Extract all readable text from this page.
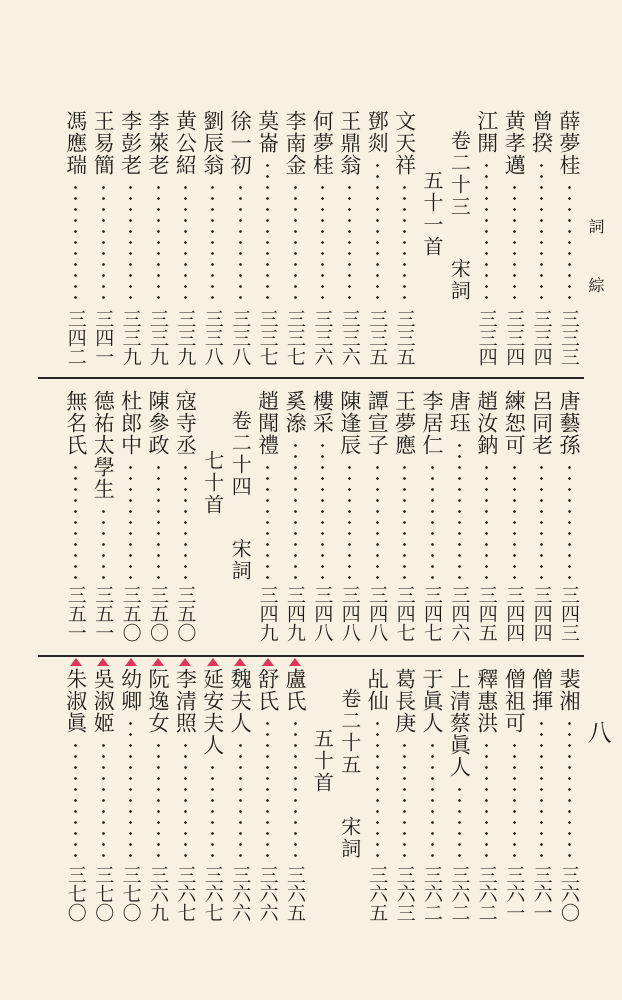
詞 綜
八
薛夢桂
三三三
曾揆
三三四
黄孝邁
三三四
江開
三三四
卷二十三宋詞
五十一首
文天祥
三三五
鄧剡
三三五
王鼎翁
三三六
何夢桂
三三六
李南金
三三七
莫崙
三三七
徐一初
三三八
劉辰翁
三三八
黄公紹
三三九
李萊老
三三九
李彭老
三三九
王易簡
三四一
馮應瑞
三四二
唐藝孫
三四三
呂同老
三四四
練恕可
三四四
趙汝鈉
三四五
唐珏
三四六
李居仁
三四七
王夢應
三四七
譚宣子
三四八
陳逢辰
三四八
樓采
三四八
奚㵕
三四九
趙聞禮
三四九
卷二十四宋詞
七十首
寇寺丞
三五〇
陳參政
三五〇
杜郎中
三五〇
德祐太學生
三五一
無名氏
三五一
裴湘
三六〇
僧揮
三六一
僧祖可
三六一
釋惠洪
三六二
上清蔡眞人
三六二
于眞人
三六二
葛長庚
三六三
乩仙
三六五
卷二十五宋詞
五十首
盧氏
三六五
舒氏
三六六
魏夫人
三六六
延安夫人
三六七
李清照
三六七
阮逸女
三六九
幼卿
三七〇
吳淑姬
三七〇
朱淑眞
三七〇
